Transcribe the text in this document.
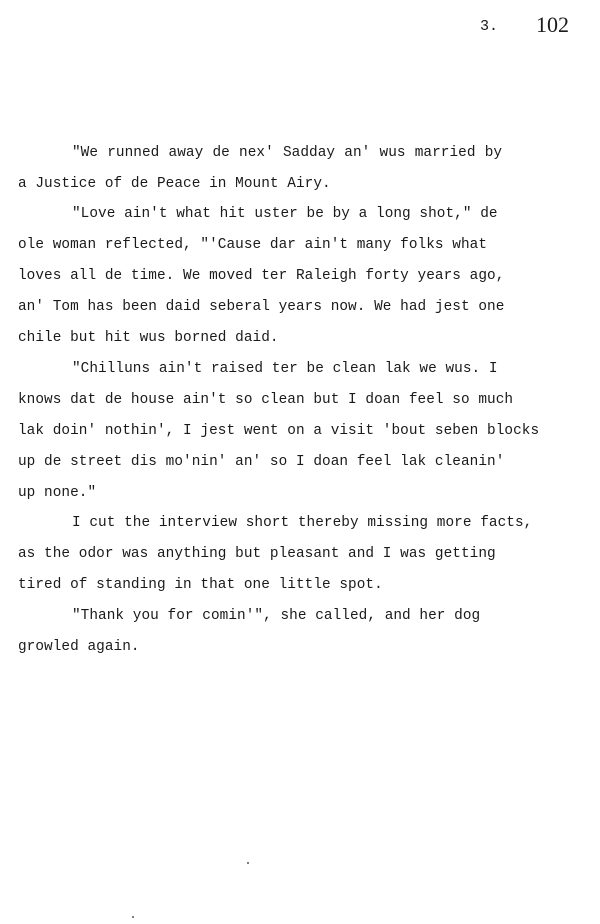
3. 102
"We runned away de nex' Sadday an' wus married by
a Justice of de Peace in Mount Airy.
"Love ain't what hit uster be by a long shot," de
ole woman reflected, "'Cause dar ain't many folks what
loves all de time. We moved ter Raleigh forty years ago,
an' Tom has been daid seberal years now. We had jest one
chile but hit wus borned daid.
"Chilluns ain't raised ter be clean lak we wus. I
knows dat de house ain't so clean but I doan feel so much
lak doin' nothin', I jest went on a visit 'bout seben blocks
up de street dis mo'nin' an' so I doan feel lak cleanin'
up none."
I cut the interview short thereby missing more facts,
as the odor was anything but pleasant and I was getting
tired of standing in that one little spot.
"Thank you for comin'", she called, and her dog
growled again.
